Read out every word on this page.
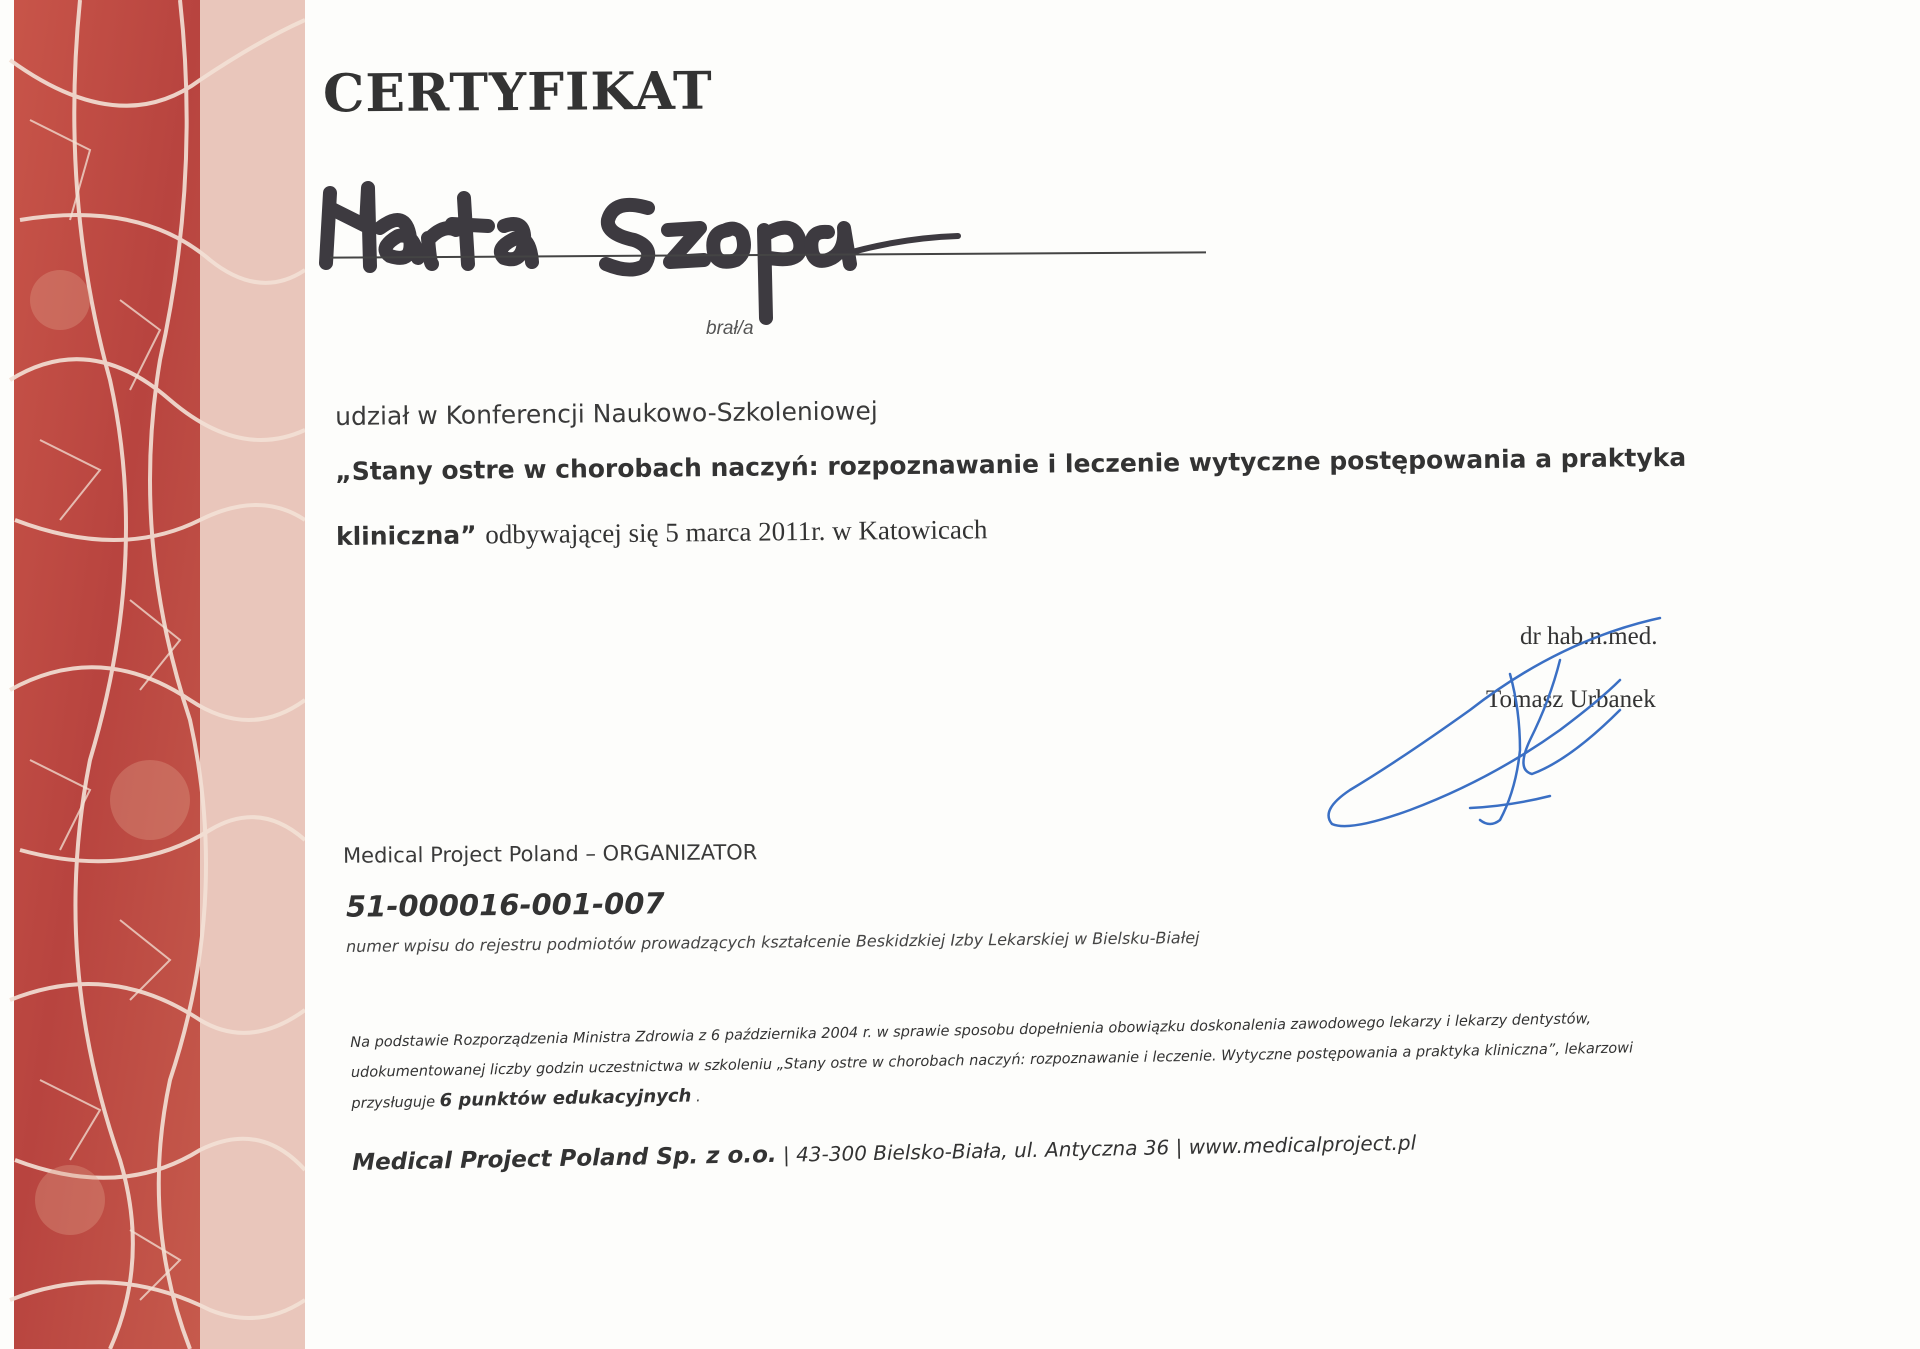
CERTYFIKAT
brał/a
udział w Konferencji Naukowo-Szkoleniowej
„Stany ostre w chorobach naczyń: rozpoznawanie i leczenie wytyczne postępowania a praktyka
kliniczna” odbywającej się 5 marca 2011r. w Katowicach
dr hab.n.med.
Tomasz Urbanek
Medical Project Poland – ORGANIZATOR
51-000016-001-007
numer wpisu do rejestru podmiotów prowadzących kształcenie Beskidzkiej Izby Lekarskiej w Bielsku-Białej
Na podstawie Rozporządzenia Ministra Zdrowia z 6 października 2004 r. w sprawie sposobu dopełnienia obowiązku doskonalenia zawodowego lekarzy i lekarzy dentystów,
udokumentowanej liczby godzin uczestnictwa w szkoleniu „Stany ostre w chorobach naczyń: rozpoznawanie i leczenie. Wytyczne postępowania a praktyka kliniczna”, lekarzowi
przysługuje 6 punktów edukacyjnych .
Medical Project Poland Sp. z o.o. | 43-300 Bielsko-Biała, ul. Antyczna 36 | www.medicalproject.pl
